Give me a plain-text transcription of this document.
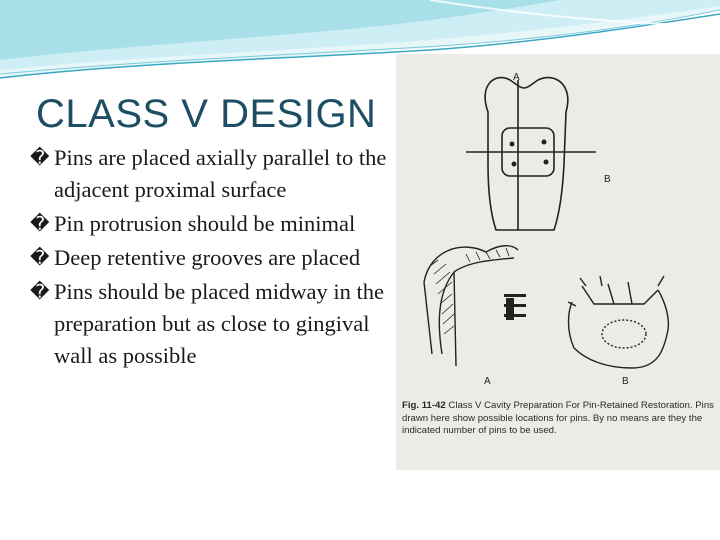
CLASS V DESIGN
� Pins are placed axially parallel to the adjacent proximal surface
� Pin protrusion should be minimal
� Deep retentive grooves are placed
� Pins should be placed midway in the preparation but as close to gingival wall as possible
A
B
A	B
Fig. 11-42 Class V Cavity Preparation For Pin-Retained Restoration. Pins drawn here show possible locations for pins. By no means are they the indicated number of pins to be used.
